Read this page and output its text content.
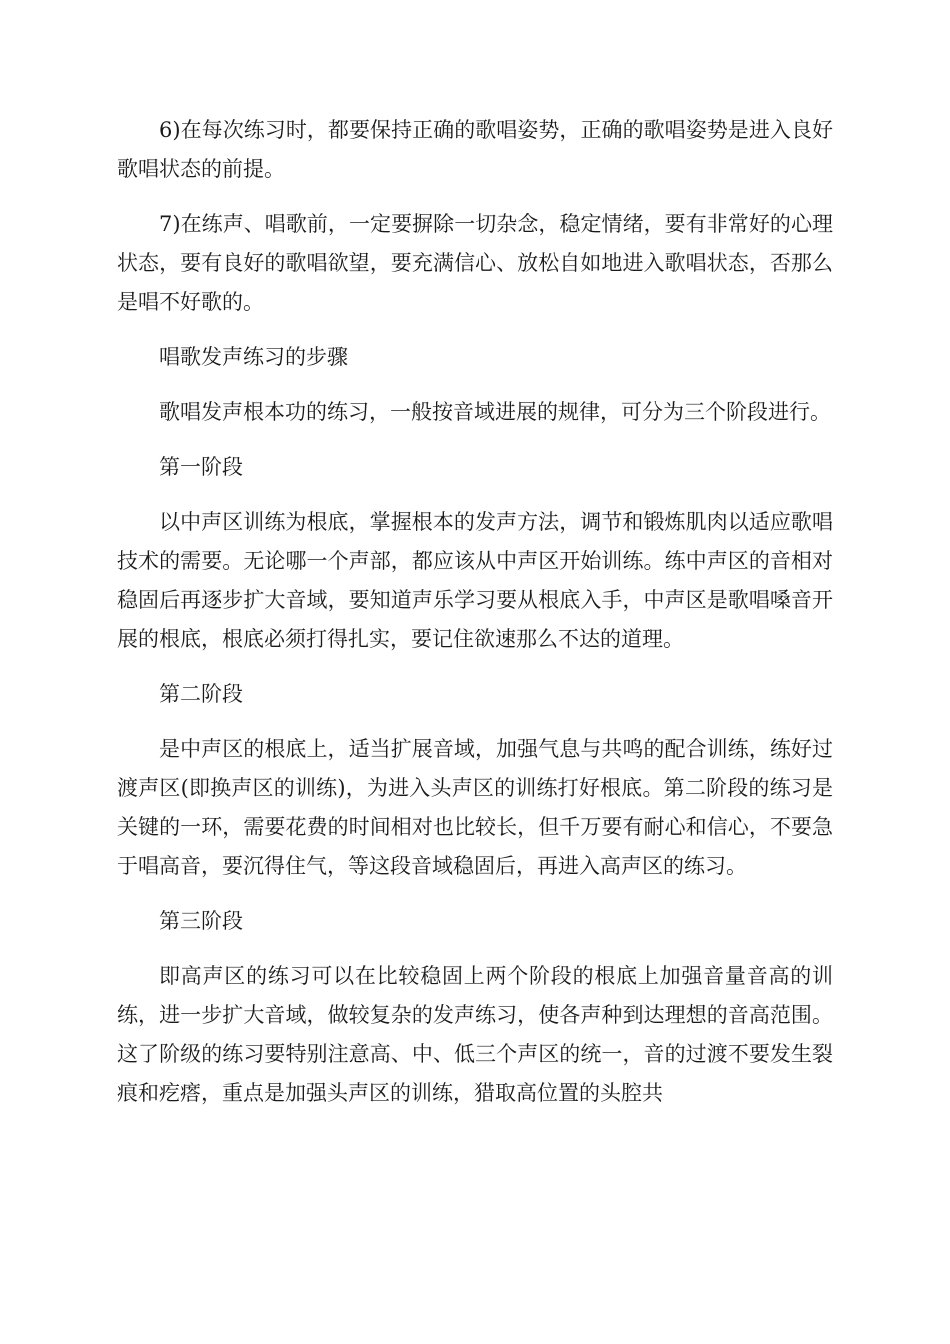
6)在每次练习时，都要保持正确的歌唱姿势，正确的歌唱姿势是进入良好歌唱状态的前提。

7)在练声、唱歌前，一定要摒除一切杂念，稳定情绪，要有非常好的心理状态，要有良好的歌唱欲望，要充满信心、放松自如地进入歌唱状态，否那么是唱不好歌的。

唱歌发声练习的步骤

歌唱发声根本功的练习，一般按音域进展的规律，可分为三个阶段进行。

第一阶段

以中声区训练为根底，掌握根本的发声方法，调节和锻炼肌肉以适应歌唱技术的需要。无论哪一个声部，都应该从中声区开始训练。练中声区的音相对稳固后再逐步扩大音域，要知道声乐学习要从根底入手，中声区是歌唱嗓音开展的根底，根底必须打得扎实，要记住欲速那么不达的道理。

第二阶段

是中声区的根底上，适当扩展音域，加强气息与共鸣的配合训练，练好过渡声区(即换声区的训练)，为进入头声区的训练打好根底。第二阶段的练习是关键的一环，需要花费的时间相对也比较长，但千万要有耐心和信心，不要急于唱高音，要沉得住气，等这段音域稳固后，再进入高声区的练习。

第三阶段

即高声区的练习可以在比较稳固上两个阶段的根底上加强音量音高的训练，进一步扩大音域，做较复杂的发声练习，使各声种到达理想的音高范围。这了阶级的练习要特别注意高、中、低三个声区的统一，音的过渡不要发生裂痕和疙瘩，重点是加强头声区的训练，猎取高位置的头腔共
